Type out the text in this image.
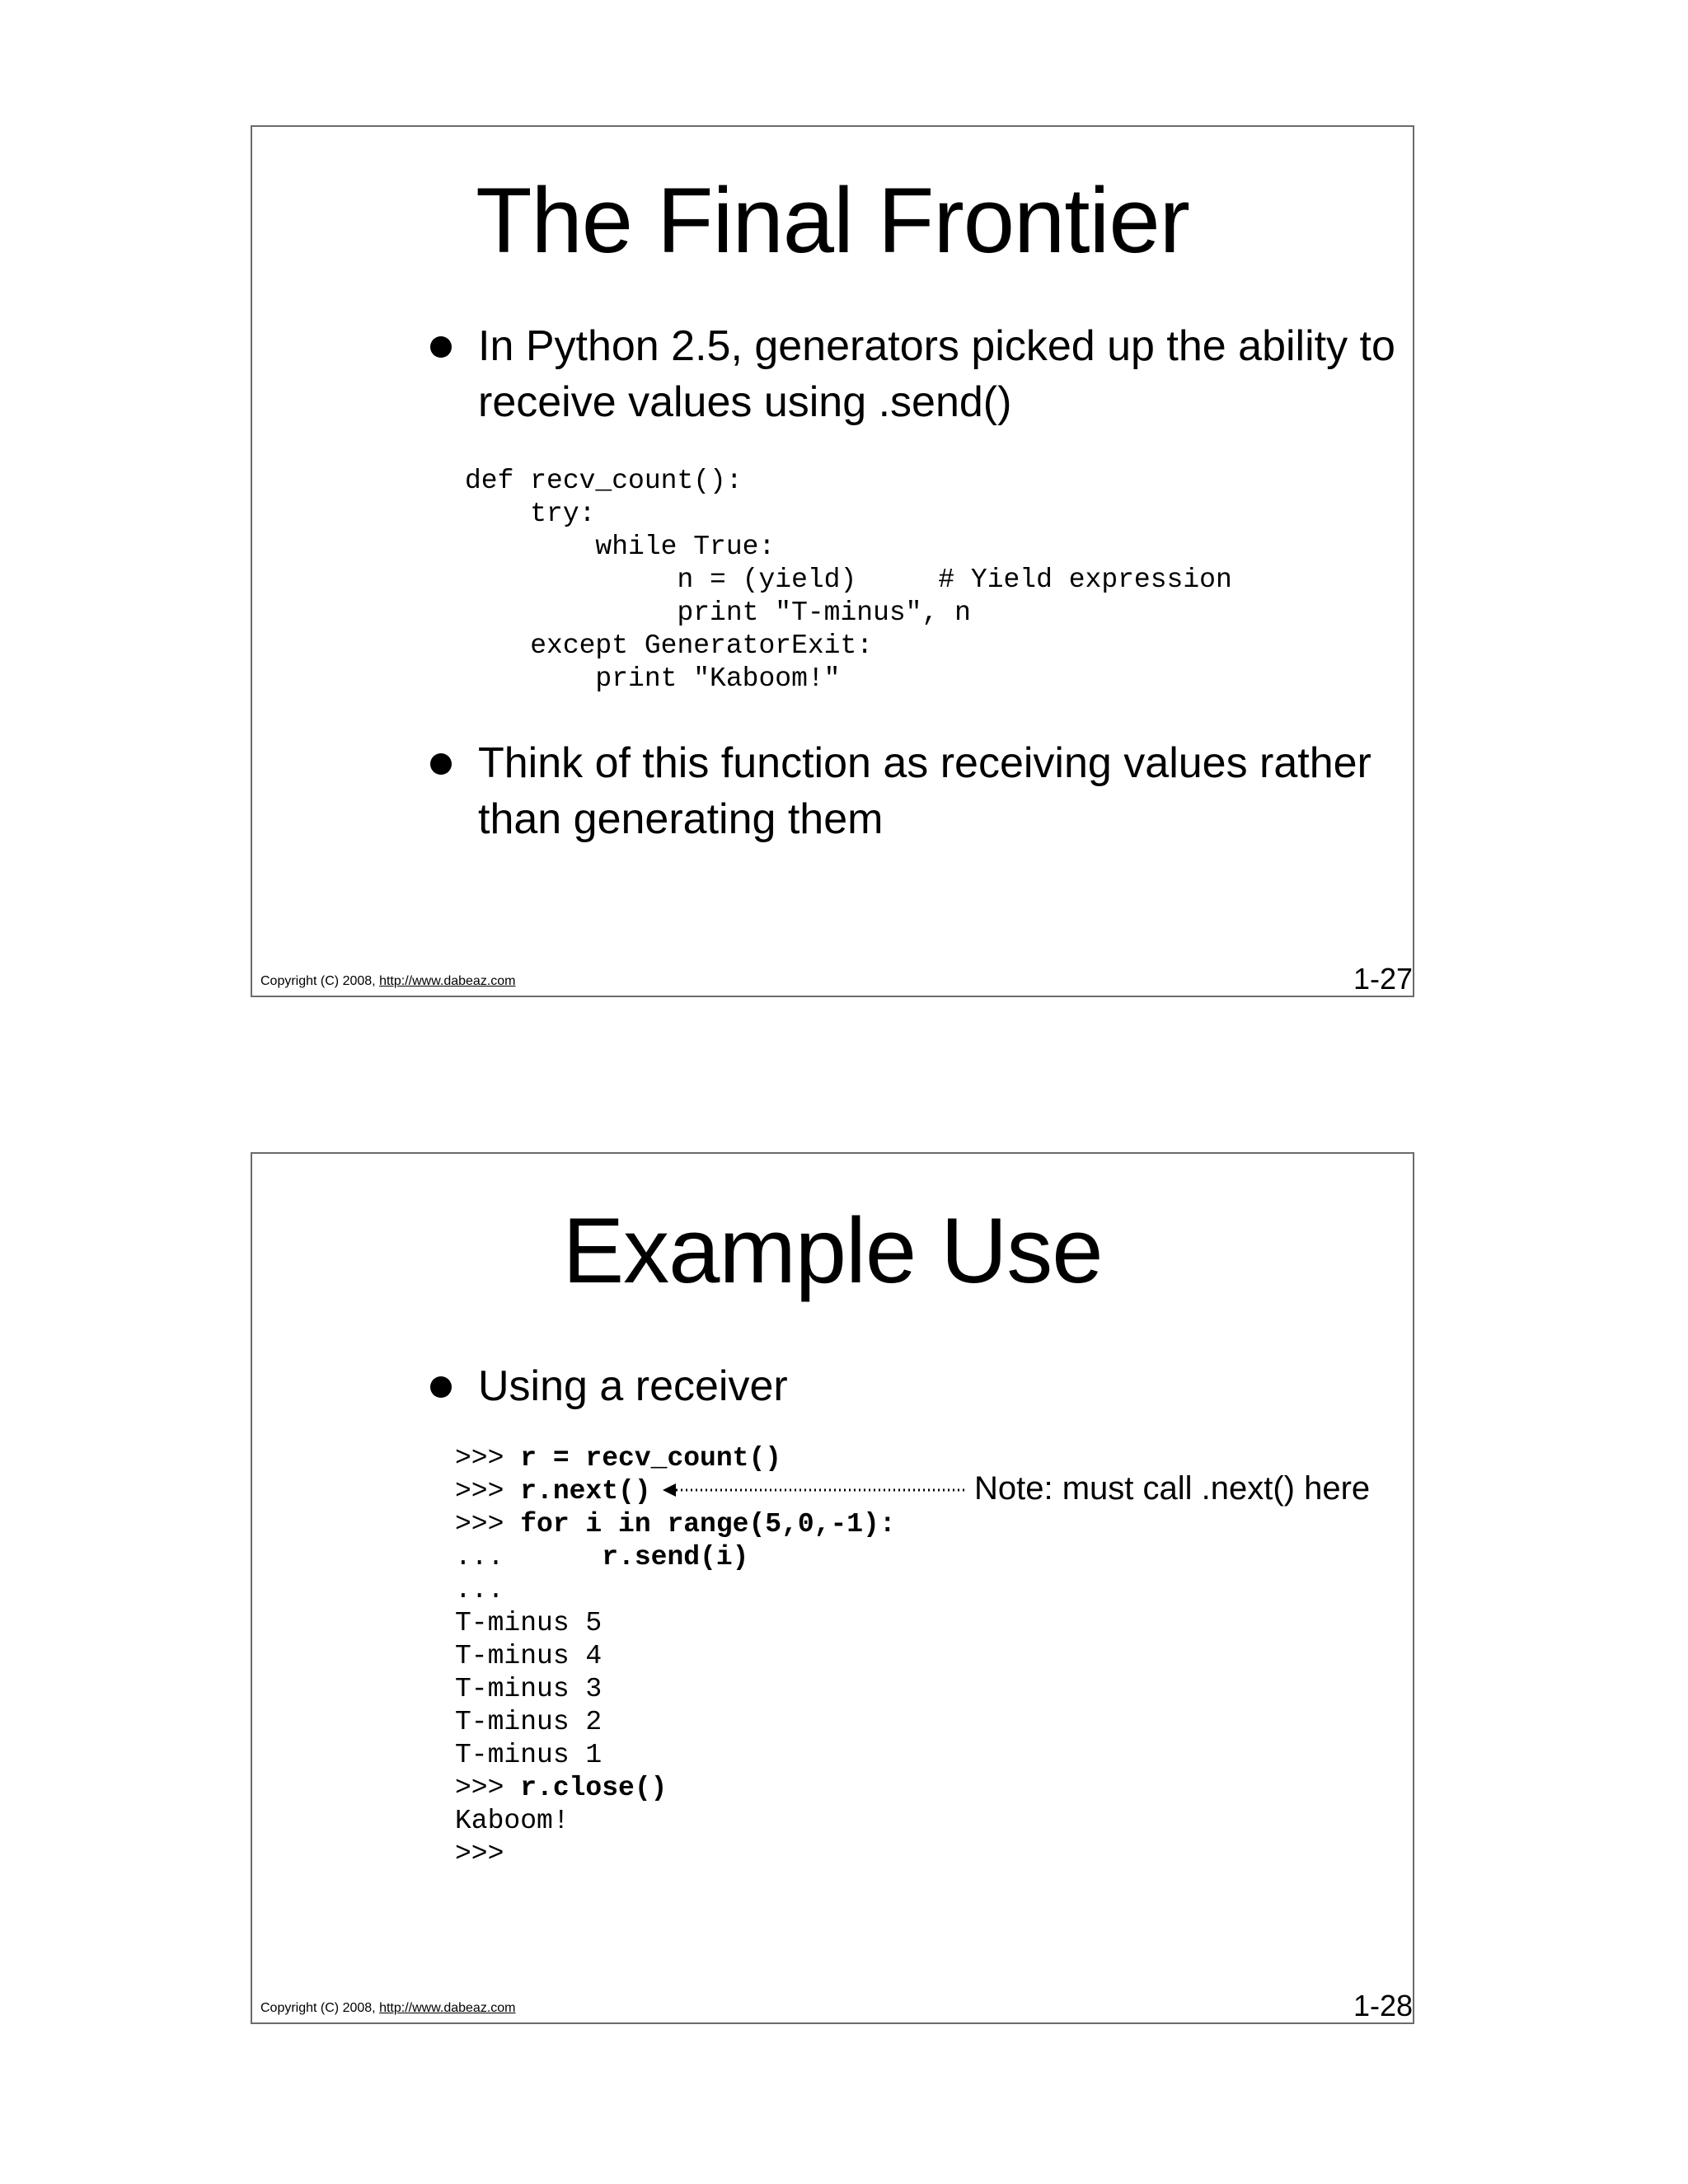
The Final Frontier
In Python 2.5, generators picked up the ability to receive values using .send()
def recv_count():
try:
while True:
n = (yield)     # Yield expression
print "T-minus", n
except GeneratorExit:
print "Kaboom!"
Think of this function as receiving values rather than generating them
Copyright (C) 2008, http://www.dabeaz.com	1-27
Example Use
Using a receiver
>>> r = recv_count()
>>> r.next()
>>> for i in range(5,0,-1):
...      r.send(i)
...
T-minus 5
T-minus 4
T-minus 3
T-minus 2
T-minus 1
>>> r.close()
Kaboom!
>>>
Note: must call .next() here
Copyright (C) 2008, http://www.dabeaz.com	1-28
